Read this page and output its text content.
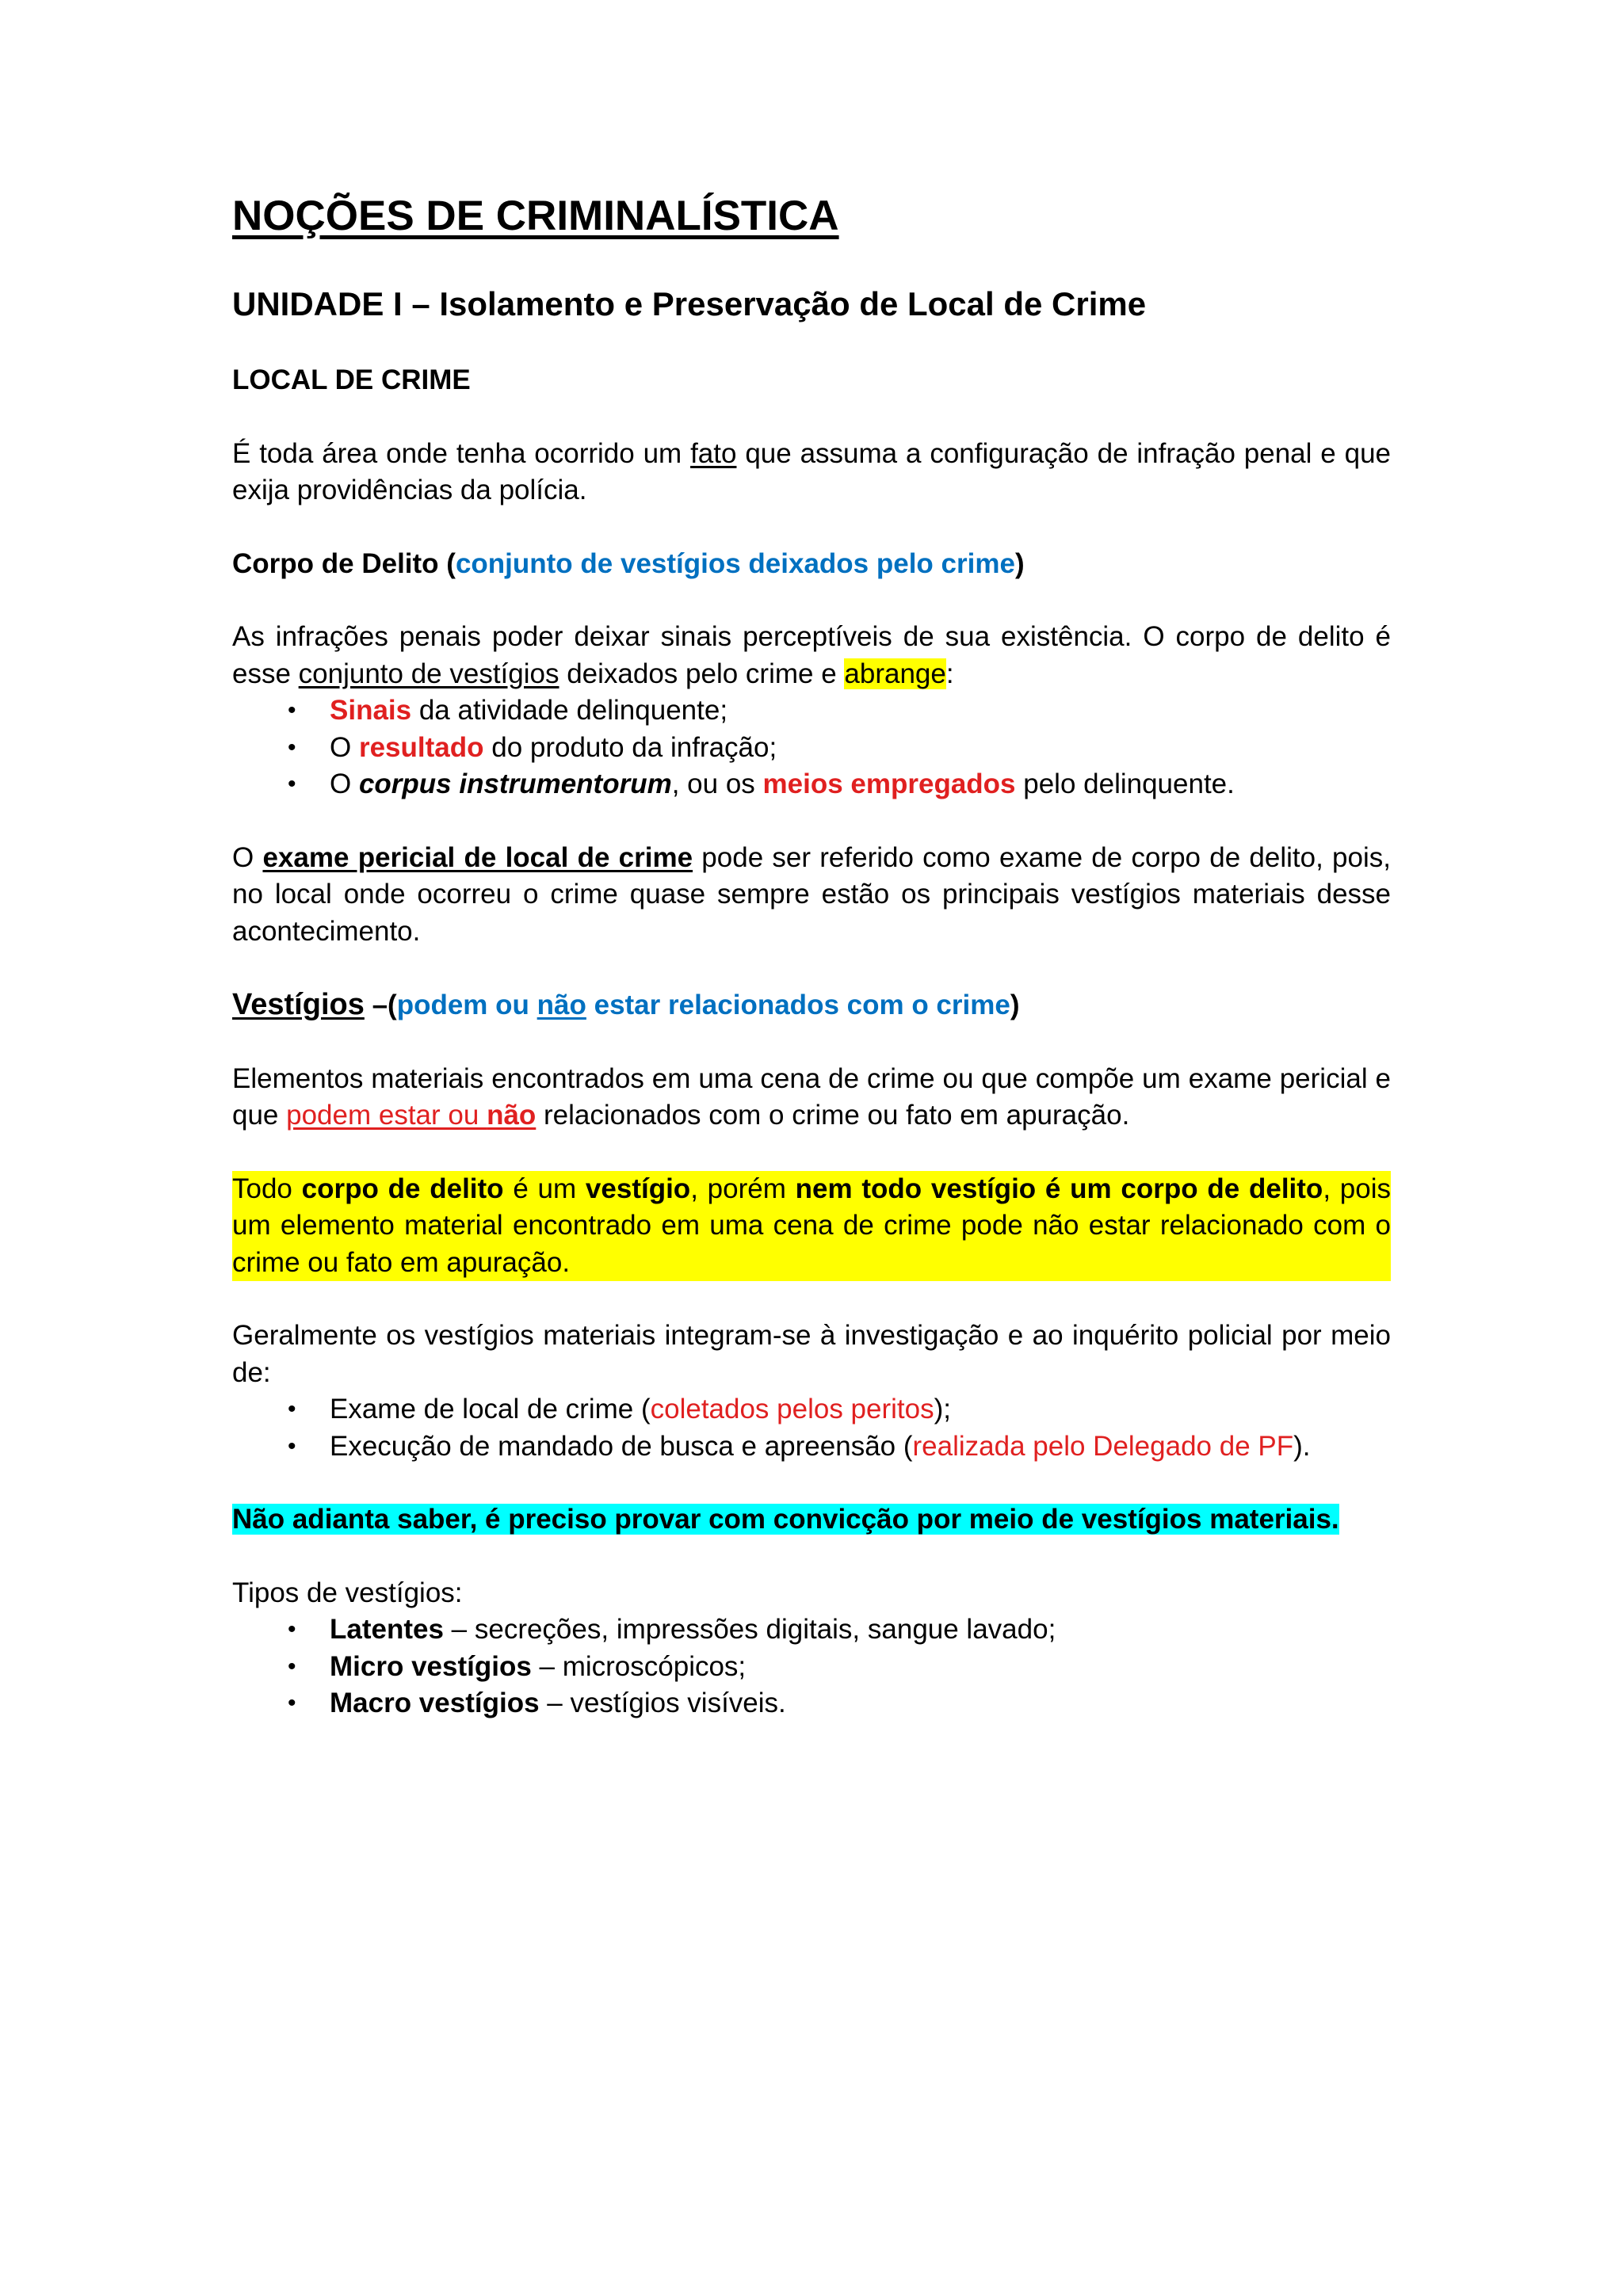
NOÇÕES DE CRIMINALÍSTICA
UNIDADE I – Isolamento e Preservação de Local de Crime

LOCAL DE CRIME

É toda área onde tenha ocorrido um fato que assuma a configuração de infração penal e que exija providências da polícia.

Corpo de Delito (conjunto de vestígios deixados pelo crime)

As infrações penais poder deixar sinais perceptíveis de sua existência. O corpo de delito é esse conjunto de vestígios deixados pelo crime e abrange:

• Sinais da atividade delinquente;
• O resultado do produto da infração;
• O corpus instrumentorum, ou os meios empregados pelo delinquente.

O exame pericial de local de crime pode ser referido como exame de corpo de delito, pois, no local onde ocorreu o crime quase sempre estão os principais vestígios materiais desse acontecimento.

Vestígios –(podem ou não estar relacionados com o crime)

Elementos materiais encontrados em uma cena de crime ou que compõe um exame pericial e que podem estar ou não relacionados com o crime ou fato em apuração.

Todo corpo de delito é um vestígio, porém nem todo vestígio é um corpo de delito, pois um elemento material encontrado em uma cena de crime pode não estar relacionado com o crime ou fato em apuração.

Geralmente os vestígios materiais integram-se à investigação e ao inquérito policial por meio de:

• Exame de local de crime (coletados pelos peritos);
• Execução de mandado de busca e apreensão (realizada pelo Delegado de PF).

Não adianta saber, é preciso provar com convicção por meio de vestígios materiais.

Tipos de vestígios:

• Latentes – secreções, impressões digitais, sangue lavado;
• Micro vestígios – microscópicos;
• Macro vestígios – vestígios visíveis.
